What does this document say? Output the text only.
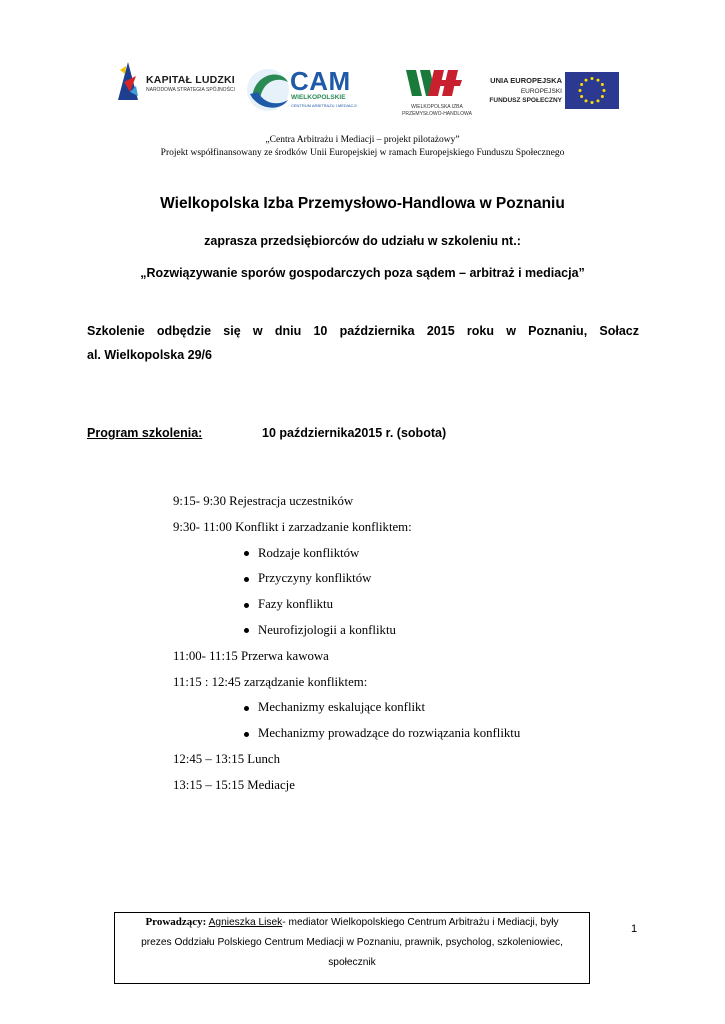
KAPITAŁ LUDZKI
NARODOWA STRATEGIA SPÓJNOŚCI CAM
WIELKOPOLSKIE
CENTRUM ARBITRAŻU I MEDIACJI	WIELKOPOLSKA IZBA
PRZEMYSŁOWO-HANDLOWA
UNIA EUROPEJSKA
EUROPEJSKI
FUNDUSZ SPOŁECZNY
„Centra Arbitrażu i Mediacji – projekt pilotażowy”
Projekt współfinansowany ze środków Unii Europejskiej w ramach Europejskiego Funduszu Społecznego
Wielkopolska Izba Przemysłowo-Handlowa w Poznaniu
zaprasza przedsiębiorców do udziału w szkoleniu nt.:
„Rozwiązywanie sporów gospodarczych poza sądem – arbitraż i mediacja”
Szkolenie odbędzie się w dniu 10 października 2015 roku w Poznaniu, Sołacz
al. Wielkopolska 29/6
Program szkolenia:	10 października2015 r. (sobota)
9:15- 9:30 Rejestracja uczestników
9:30- 11:00 Konflikt i zarzadzanie konfliktem:
Rodzaje konfliktów
Przyczyny konfliktów
Fazy konfliktu
Neurofizjologii a konfliktu
11:00- 11:15 Przerwa kawowa
11:15 : 12:45 zarządzanie konfliktem:
Mechanizmy eskalujące konflikt
Mechanizmy prowadzące do rozwiązania konfliktu
12:45 – 13:15 Lunch
13:15 – 15:15 Mediacje
Prowadzący: Agnieszka Lisek- mediator Wielkopolskiego Centrum Arbitrażu i Mediacji, były
prezes Oddziału Polskiego Centrum Mediacji w Poznaniu, prawnik, psycholog, szkoleniowiec,
społecznik
1
